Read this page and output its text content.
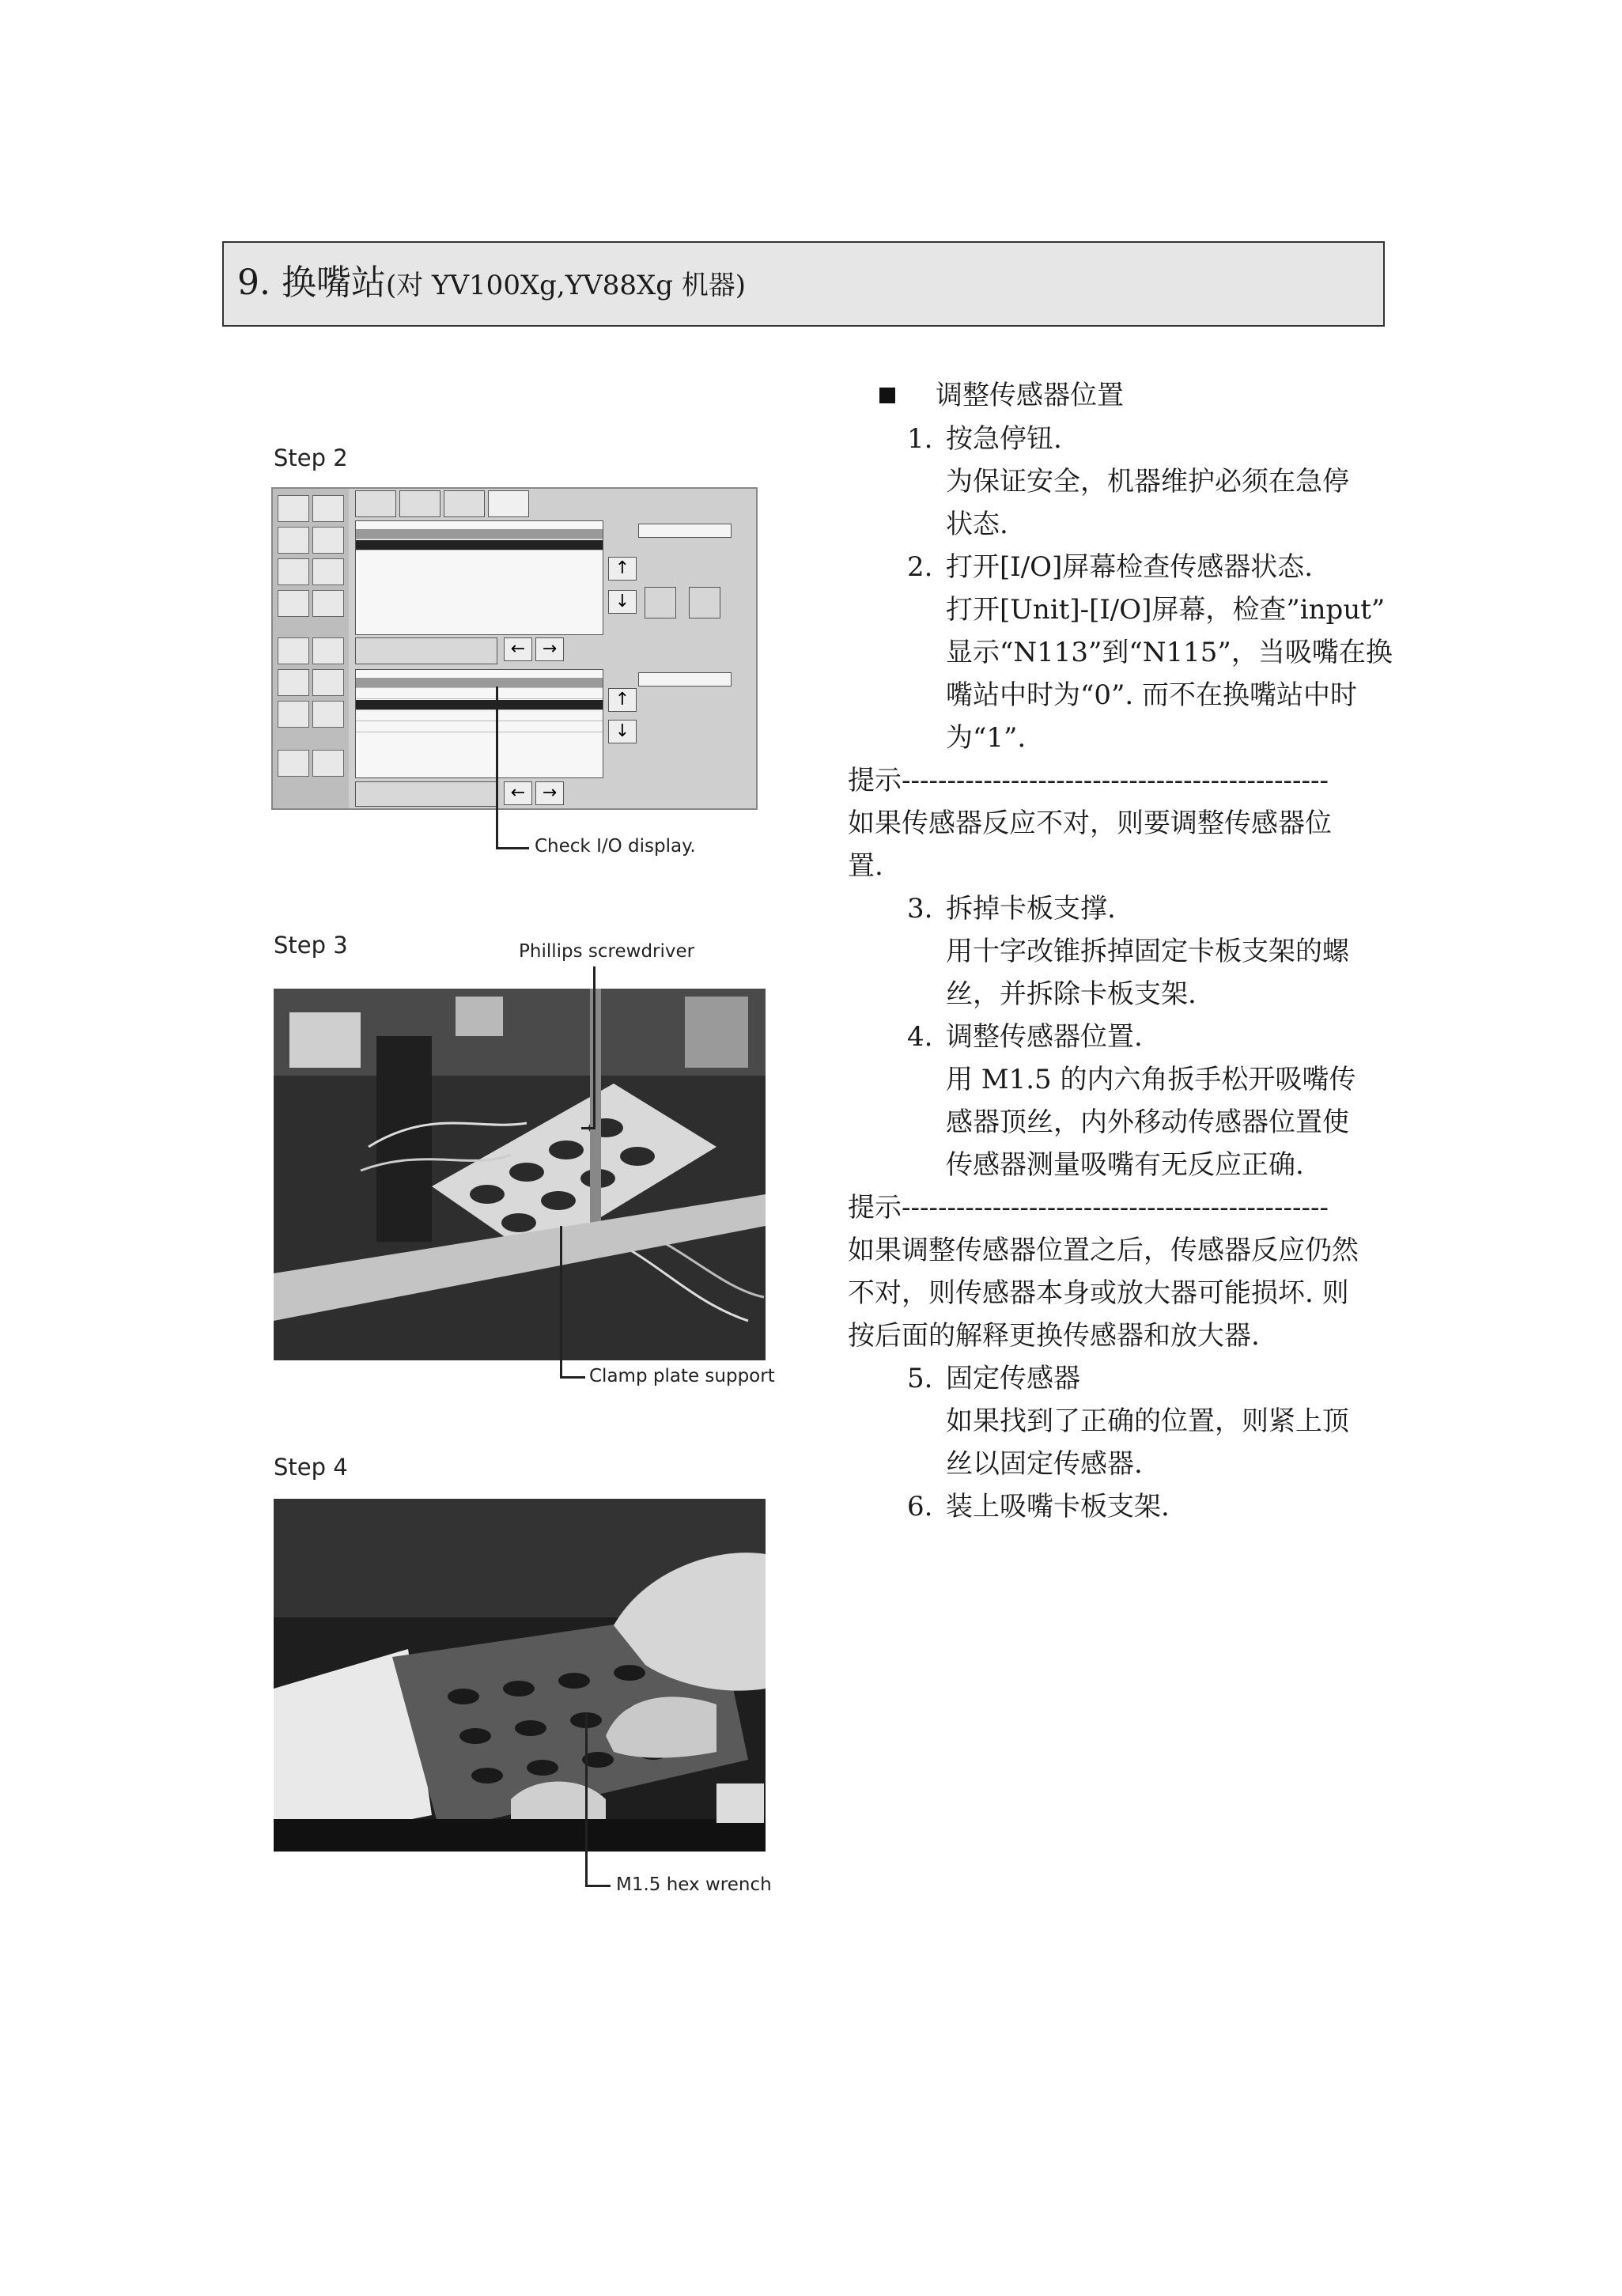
9. 换嘴站(对 YV100Xg,YV88Xg 机器)
Step 2
← →
↑
↓
↑
↓
← →
Check I/O display.
Step 3	Phillips screwdriver
Clamp plate support
Step 4
M1.5 hex wrench
调整传感器位置
1. 按急停钮.
为保证安全，机器维护必须在急停
状态.
2. 打开[I/O]屏幕检查传感器状态.
打开[Unit]-[I/O]屏幕，检查”input”
显示“N113”到“N115”，当吸嘴在换
嘴站中时为“0”. 而不在换嘴站中时
为“1”.
提示-----------------------------------------------
如果传感器反应不对，则要调整传感器位
置.
3. 拆掉卡板支撑.
用十字改锥拆掉固定卡板支架的螺
丝，并拆除卡板支架.
4. 调整传感器位置.
用 M1.5 的内六角扳手松开吸嘴传
感器顶丝，内外移动传感器位置使
传感器测量吸嘴有无反应正确.
提示-----------------------------------------------
如果调整传感器位置之后，传感器反应仍然
不对，则传感器本身或放大器可能损坏. 则
按后面的解释更换传感器和放大器.
5. 固定传感器
如果找到了正确的位置，则紧上顶
丝以固定传感器.
6. 装上吸嘴卡板支架.
